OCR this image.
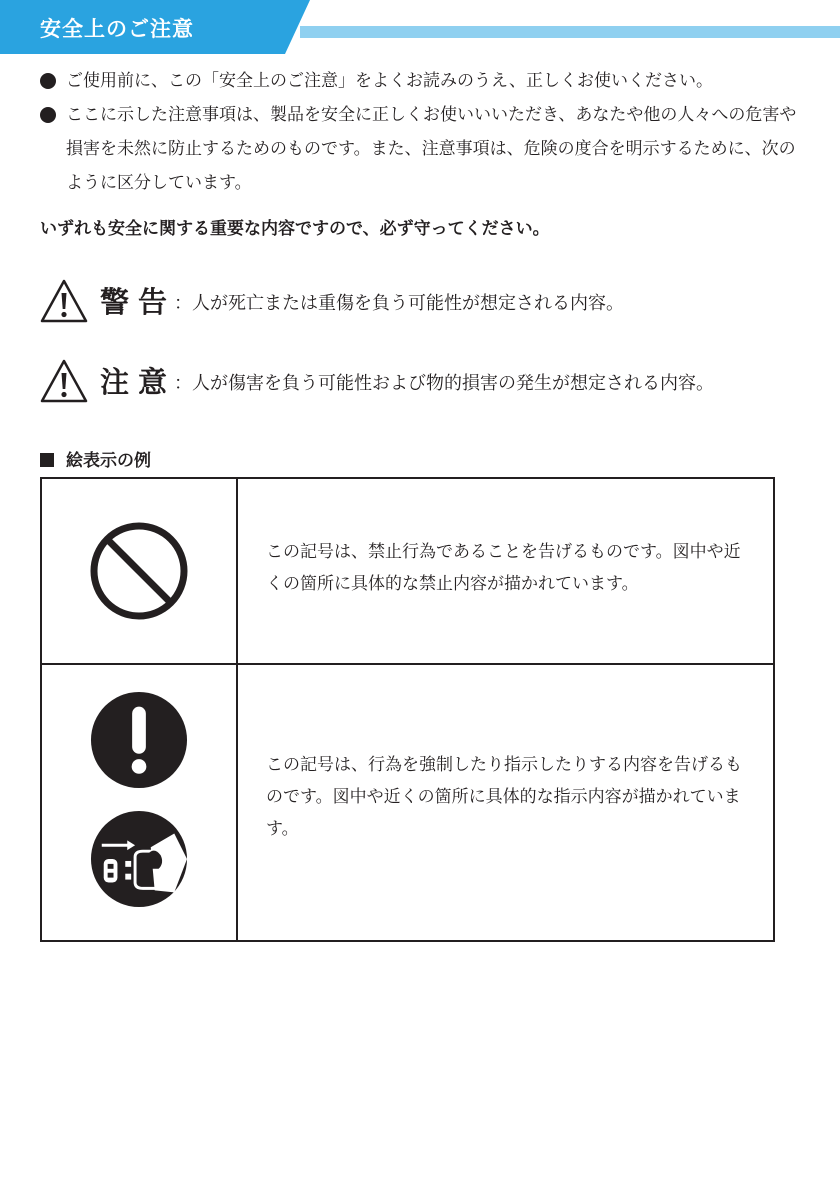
安全上のご注意
ご使用前に、この「安全上のご注意」をよくお読みのうえ、正しくお使いください。
ここに示した注意事項は、製品を安全に正しくお使いいいただき、あなたや他の人々への危害や損害を未然に防止するためのものです。また、注意事項は、危険の度合を明示するために、次のように区分しています。
いずれも安全に関する重要な内容ですので、必ず守ってください。
警告
：人が死亡または重傷を負う可能性が想定される内容。
注意
：人が傷害を負う可能性および物的損害の発生が想定される内容。
絵表示の例
この記号は、禁止行為であることを告げるものです。図中や近くの箇所に具体的な禁止内容が描かれています。
この記号は、行為を強制したり指示したりする内容を告げるものです。図中や近くの箇所に具体的な指示内容が描かれています。
